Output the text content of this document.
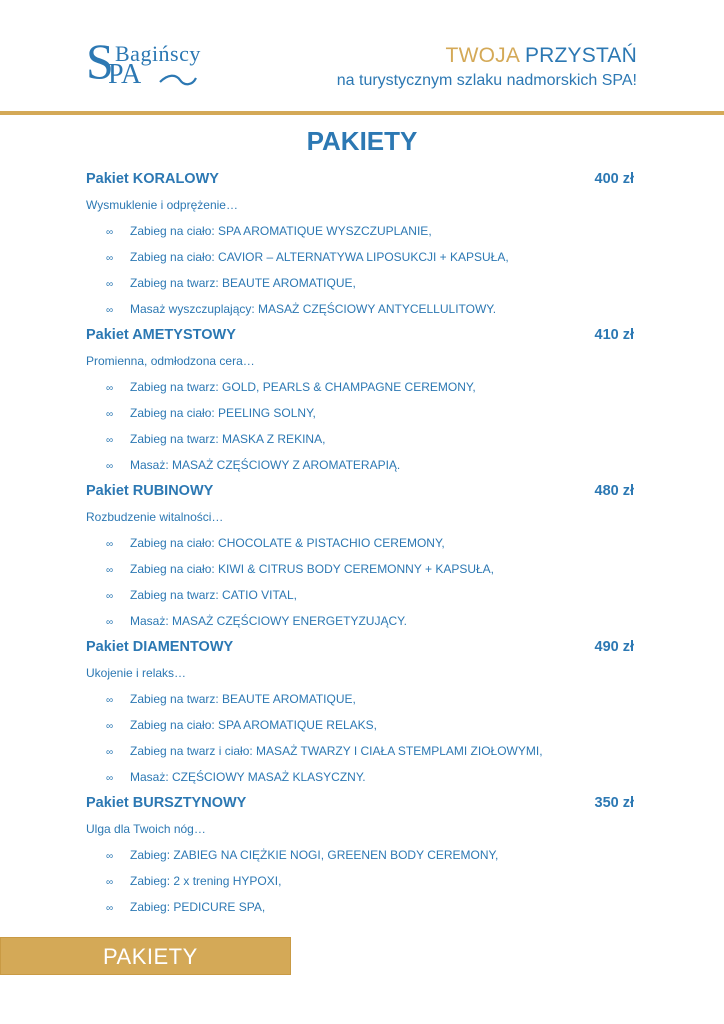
S Bagińscy
PA
TWOJA PRZYSTAŃ
na turystycznym szlaku nadmorskich SPA!
PAKIETY
Pakiet KORALOWY	400 zł
Wysmuklenie i odprężenie…
∞ Zabieg na ciało: SPA AROMATIQUE WYSZCZUPLANIE,
∞ Zabieg na ciało: CAVIOR – ALTERNATYWA LIPOSUKCJI + KAPSUŁA,
∞ Zabieg na twarz: BEAUTE AROMATIQUE,
∞ Masaż wyszczuplający: MASAŻ CZĘŚCIOWY ANTYCELLULITOWY.
Pakiet AMETYSTOWY	410 zł
Promienna, odmłodzona cera…
∞ Zabieg na twarz: GOLD, PEARLS & CHAMPAGNE CEREMONY,
∞ Zabieg na ciało: PEELING SOLNY,
∞ Zabieg na twarz: MASKA Z REKINA,
∞ Masaż: MASAŻ CZĘŚCIOWY Z AROMATERAPIĄ.
Pakiet RUBINOWY	480 zł
Rozbudzenie witalności…
∞ Zabieg na ciało: CHOCOLATE & PISTACHIO CEREMONY,
∞ Zabieg na ciało: KIWI & CITRUS BODY CEREMONNY + KAPSUŁA,
∞ Zabieg na twarz: CATIO VITAL,
∞ Masaż: MASAŻ CZĘŚCIOWY ENERGETYZUJĄCY.
Pakiet DIAMENTOWY	490 zł
Ukojenie i relaks…
∞ Zabieg na twarz: BEAUTE AROMATIQUE,
∞ Zabieg na ciało: SPA AROMATIQUE RELAKS,
∞ Zabieg na twarz i ciało: MASAŻ TWARZY I CIAŁA STEMPLAMI ZIOŁOWYMI,
∞ Masaż: CZĘŚCIOWY MASAŻ KLASYCZNY.
Pakiet BURSZTYNOWY	350 zł
Ulga dla Twoich nóg…
∞ Zabieg: ZABIEG NA CIĘŻKIE NOGI, GREENEN BODY CEREMONY,
∞ Zabieg: 2 x trening HYPOXI,
∞ Zabieg: PEDICURE SPA,
PAKIETY
